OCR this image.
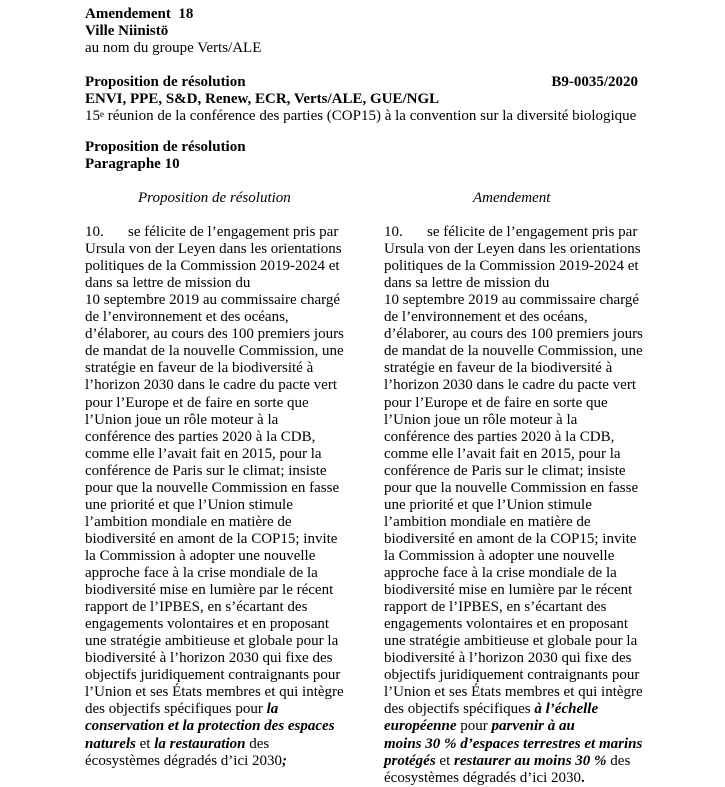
Amendement 18
Ville Niinistö
au nom du groupe Verts/ALE
Proposition de résolution	B9-0035/2020
ENVI, PPE, S&D, Renew, ECR, Verts/ALE, GUE/NGL
15e réunion de la conférence des parties (COP15) à la convention sur la diversité biologique
Proposition de résolution
Paragraphe 10
Proposition de résolution	Amendement
10. se félicite de l’engagement pris par
Ursula von der Leyen dans les orientations
politiques de la Commission 2019-2024 et
dans sa lettre de mission du
10 septembre 2019 au commissaire chargé
de l’environnement et des océans,
d’élaborer, au cours des 100 premiers jours
de mandat de la nouvelle Commission, une
stratégie en faveur de la biodiversité à
l’horizon 2030 dans le cadre du pacte vert
pour l’Europe et de faire en sorte que
l’Union joue un rôle moteur à la
conférence des parties 2020 à la CDB,
comme elle l’avait fait en 2015, pour la
conférence de Paris sur le climat; insiste
pour que la nouvelle Commission en fasse
une priorité et que l’Union stimule
l’ambition mondiale en matière de
biodiversité en amont de la COP15; invite
la Commission à adopter une nouvelle
approche face à la crise mondiale de la
biodiversité mise en lumière par le récent
rapport de l’IPBES, en s’écartant des
engagements volontaires et en proposant
une stratégie ambitieuse et globale pour la
biodiversité à l’horizon 2030 qui fixe des
objectifs juridiquement contraignants pour
l’Union et ses États membres et qui intègre
des objectifs spécifiques pour la
conservation et la protection des espaces
naturels et la restauration des
écosystèmes dégradés d’ici 2030;
10. se félicite de l’engagement pris par
Ursula von der Leyen dans les orientations
politiques de la Commission 2019-2024 et
dans sa lettre de mission du
10 septembre 2019 au commissaire chargé
de l’environnement et des océans,
d’élaborer, au cours des 100 premiers jours
de mandat de la nouvelle Commission, une
stratégie en faveur de la biodiversité à
l’horizon 2030 dans le cadre du pacte vert
pour l’Europe et de faire en sorte que
l’Union joue un rôle moteur à la
conférence des parties 2020 à la CDB,
comme elle l’avait fait en 2015, pour la
conférence de Paris sur le climat; insiste
pour que la nouvelle Commission en fasse
une priorité et que l’Union stimule
l’ambition mondiale en matière de
biodiversité en amont de la COP15; invite
la Commission à adopter une nouvelle
approche face à la crise mondiale de la
biodiversité mise en lumière par le récent
rapport de l’IPBES, en s’écartant des
engagements volontaires et en proposant
une stratégie ambitieuse et globale pour la
biodiversité à l’horizon 2030 qui fixe des
objectifs juridiquement contraignants pour
l’Union et ses États membres et qui intègre
des objectifs spécifiques à l’échelle
européenne pour parvenir à au
moins 30 % d’espaces terrestres et marins
protégés et restaurer au moins 30 % des
écosystèmes dégradés d’ici 2030.
